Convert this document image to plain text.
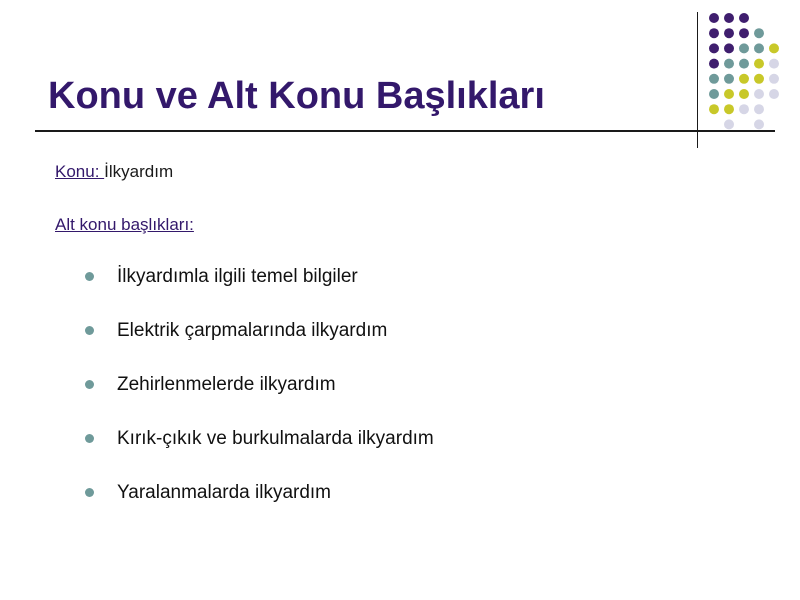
Konu ve Alt Konu Başlıkları
Konu: İlkyardım
Alt konu başlıkları:
İlkyardımla ilgili temel bilgiler
Elektrik çarpmalarında ilkyardım
Zehirlenmelerde ilkyardım
Kırık-çıkık ve burkulmalarda ilkyardım
Yaralanmalarda ilkyardım
